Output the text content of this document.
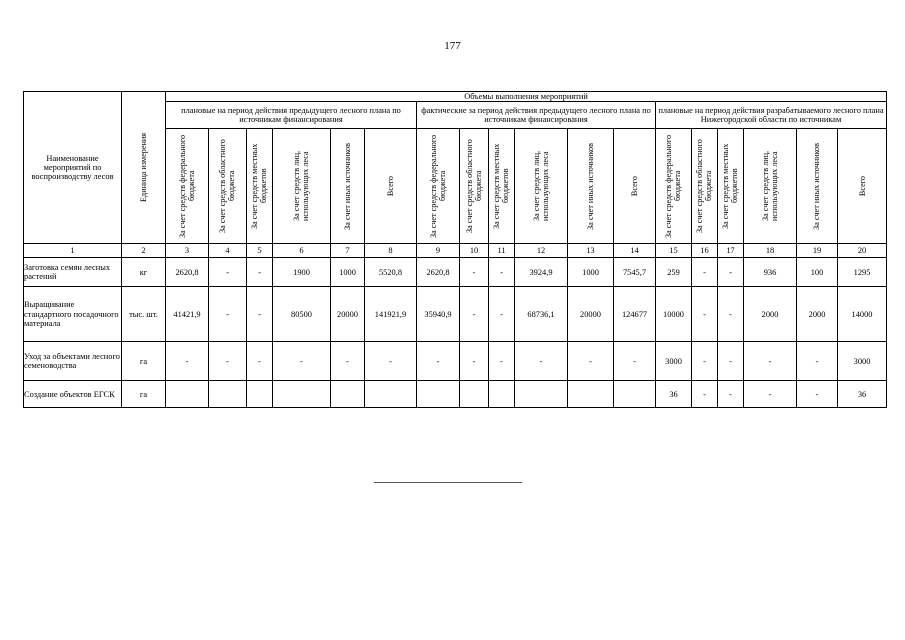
177
Наименование мероприятий по воспроизводству лесов	Единица измерения	Объемы выполнения мероприятий																	
		плановые на период действия предыдущего лесного плана по источникам финансирования						фактические за период действия предыдущего лесного плана по источникам финансирования						плановые на период действия разрабатываемого лесного плана Нижегородской области по источникам					

		За счет средств федерального бюджета	За счет средств областного бюджета	За счет средств местных бюджетов	За счет средств лиц, использующих леса	За счет иных источников	Всего	За счет средств федерального бюджета	За счет средств областного бюджета	За счет средств местных бюджетов	За счет средств лиц, использующих леса	За счет иных источников	Всего	За счет средств федерального бюджета	За счет средств областного бюджета	За счет средств местных бюджетов	За счет средств лиц, использующих леса	За счет иных источников	Всего

1	2	3	4	5	6	7	8	9	10	11	12	13	14	15	16	17	18	19	20
Заготовка семян лесных растений	кг	2620,8	-	-	1900	1000	5520,8	2620,8	-	-	3924,9	1000	7545,7	259	-	-	936	100	1295
Выращивание стандартного посадочного материала	тыс. шт.	41421,9	-	-	80500	20000	141921,9	35940,9	-	-	68736,1	20000	124677	10000	-	-	2000	2000	14000
Уход за объектами лесного семеноводства	га	-	-	-	-	-	-	-	-	-	-	-	-	3000	-	-	-	-	3000
Создание объектов ЕГСК	га													36	-	-	-	-	36
